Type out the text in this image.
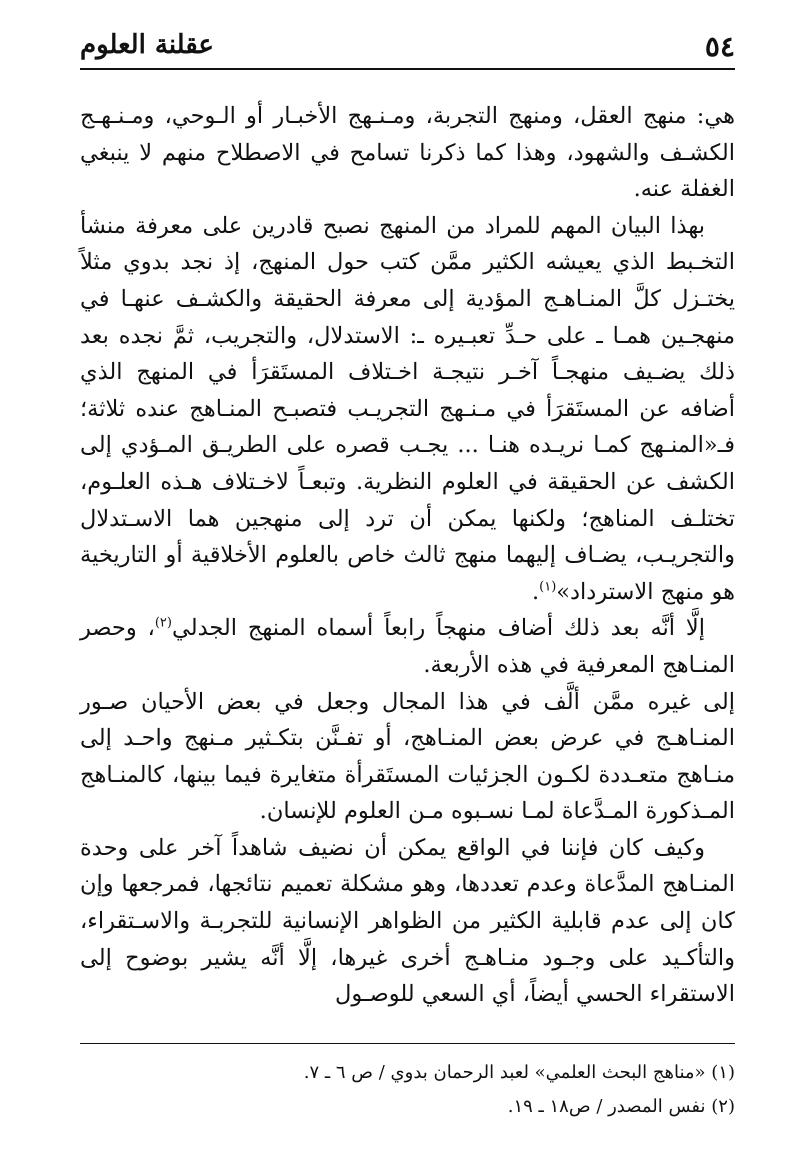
٥٤
عقلنة العلوم

هي: منهج العقل، ومنهج التجربة، ومـنـهج الأخبـار أو الـوحي، ومـنـهـج الكشـف والشهود، وهذا كما ذكرنا تسامح في الاصطلاح منهم لا ينبغي الغفلة عنه.

بهذا البيان المهم للمراد من المنهج نصبح قادرين على معرفة منشأ التخـبط الذي يعيشه الكثير ممَّن كتب حول المنهج، إذ نجد بدوي مثلاً يختـزل كلَّ المنـاهـج المؤدية إلى معرفة الحقيقة والكشـف عنهـا في منهجـين همـا ـ على حـدِّ تعبـيره ـ: الاستدلال، والتجريب، ثمَّ نجده بعد ذلك يضـيف منهجـاً آخـر نتيجـة اخـتلاف المستَقرَأ في المنهج الذي أضافه عن المستَقرَأ في مـنـهج التجريـب فتصبـح المنـاهج عنده ثلاثة؛ فـ«المنـهج كمـا نريـده هنـا ... يجـب قصره على الطريـق المـؤدي إلى الكشف عن الحقيقة في العلوم النظرية. وتبعـاً لاخـتلاف هـذه العلـوم، تختلـف المناهج؛ ولكنها يمكن أن ترد إلى منهجين هما الاسـتدلال والتجريـب، يضـاف إليهما منهج ثالث خاص بالعلوم الأخلاقية أو التاريخية هو منهج الاسترداد»$^{(١)}$.

إلَّا أنَّه بعد ذلك أضاف منهجاً رابعاً أسماه المنهج الجدلي$^{(٢)}$، وحصر المنـاهج المعرفية في هذه الأربعة.

إلى غيره ممَّن ألَّف في هذا المجال وجعل في بعض الأحيان صـور المنـاهـج في عرض بعض المنـاهج، أو تفـنَّن بتكـثير مـنهج واحـد إلى منـاهج متعـددة لكـون الجزئيات المستَقرأة متغايرة فيما بينها، كالمنـاهج المـذكورة المـدَّعاة لمـا نسـبوه مـن العلوم للإنسان.

وكيف كان فإننا في الواقع يمكن أن نضيف شاهداً آخر على وحدة المنـاهج المدَّعاة وعدم تعددها، وهو مشكلة تعميم نتائجها، فمرجعها وإن كان إلى عدم قابلية الكثير من الظواهر الإنسانية للتجربـة والاسـتقراء، والتأكـيد على وجـود منـاهـج أخرى غيرها، إلَّا أنَّه يشير بوضوح إلى الاستقراء الحسي أيضاً، أي السعي للوصـول

(١) «مناهج البحث العلمي» لعبد الرحمان بدوي / ص ٦ ـ ٧.

(٢) نفس المصدر / ص١٨ ـ ١٩.
